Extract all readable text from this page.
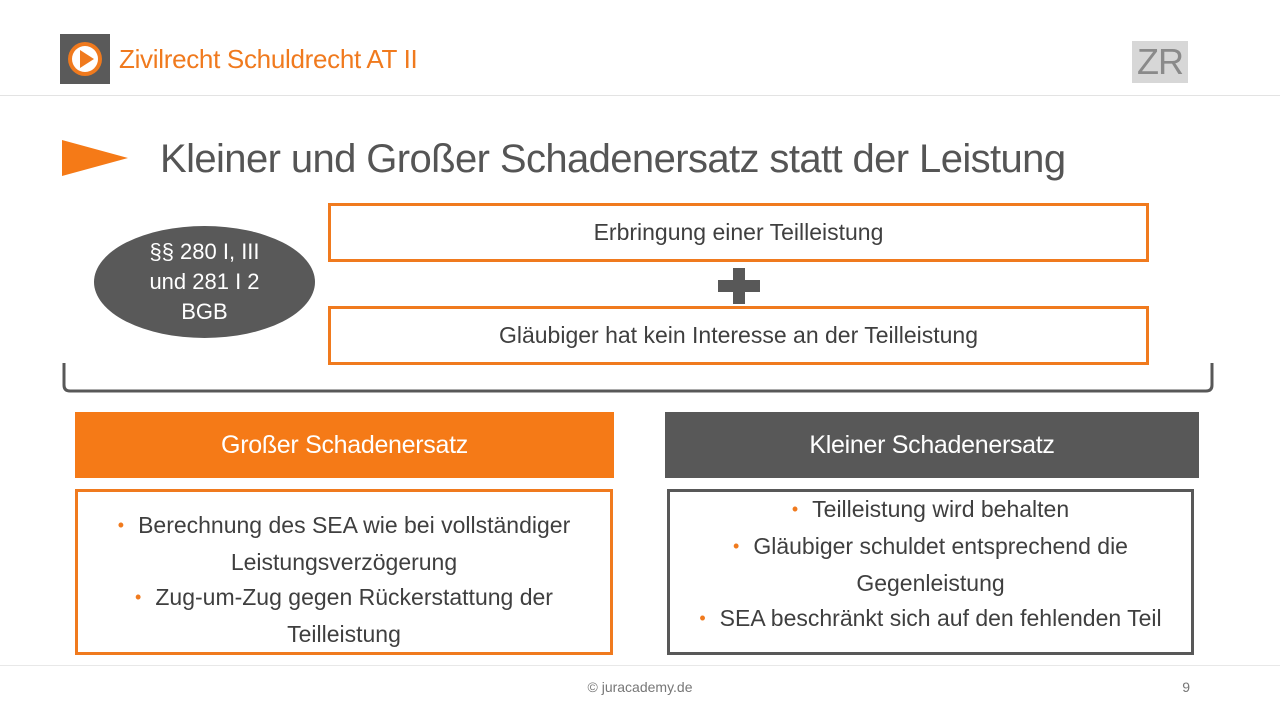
Zivilrecht Schuldrecht AT II	ZR
Kleiner und Großer Schadenersatz statt der Leistung
§§ 280 I, III
und 281 I 2
BGB
Erbringung einer Teilleistung
Gläubiger hat kein Interesse an der Teilleistung
Großer Schadenersatz
• Berechnung des SEA wie bei vollständiger Leistungsverzögerung
• Zug-um-Zug gegen Rückerstattung der Teilleistung
Kleiner Schadenersatz
• Teilleistung wird behalten
• Gläubiger schuldet entsprechend die Gegenleistung
• SEA beschränkt sich auf den fehlenden Teil
© juracademy.de	9
